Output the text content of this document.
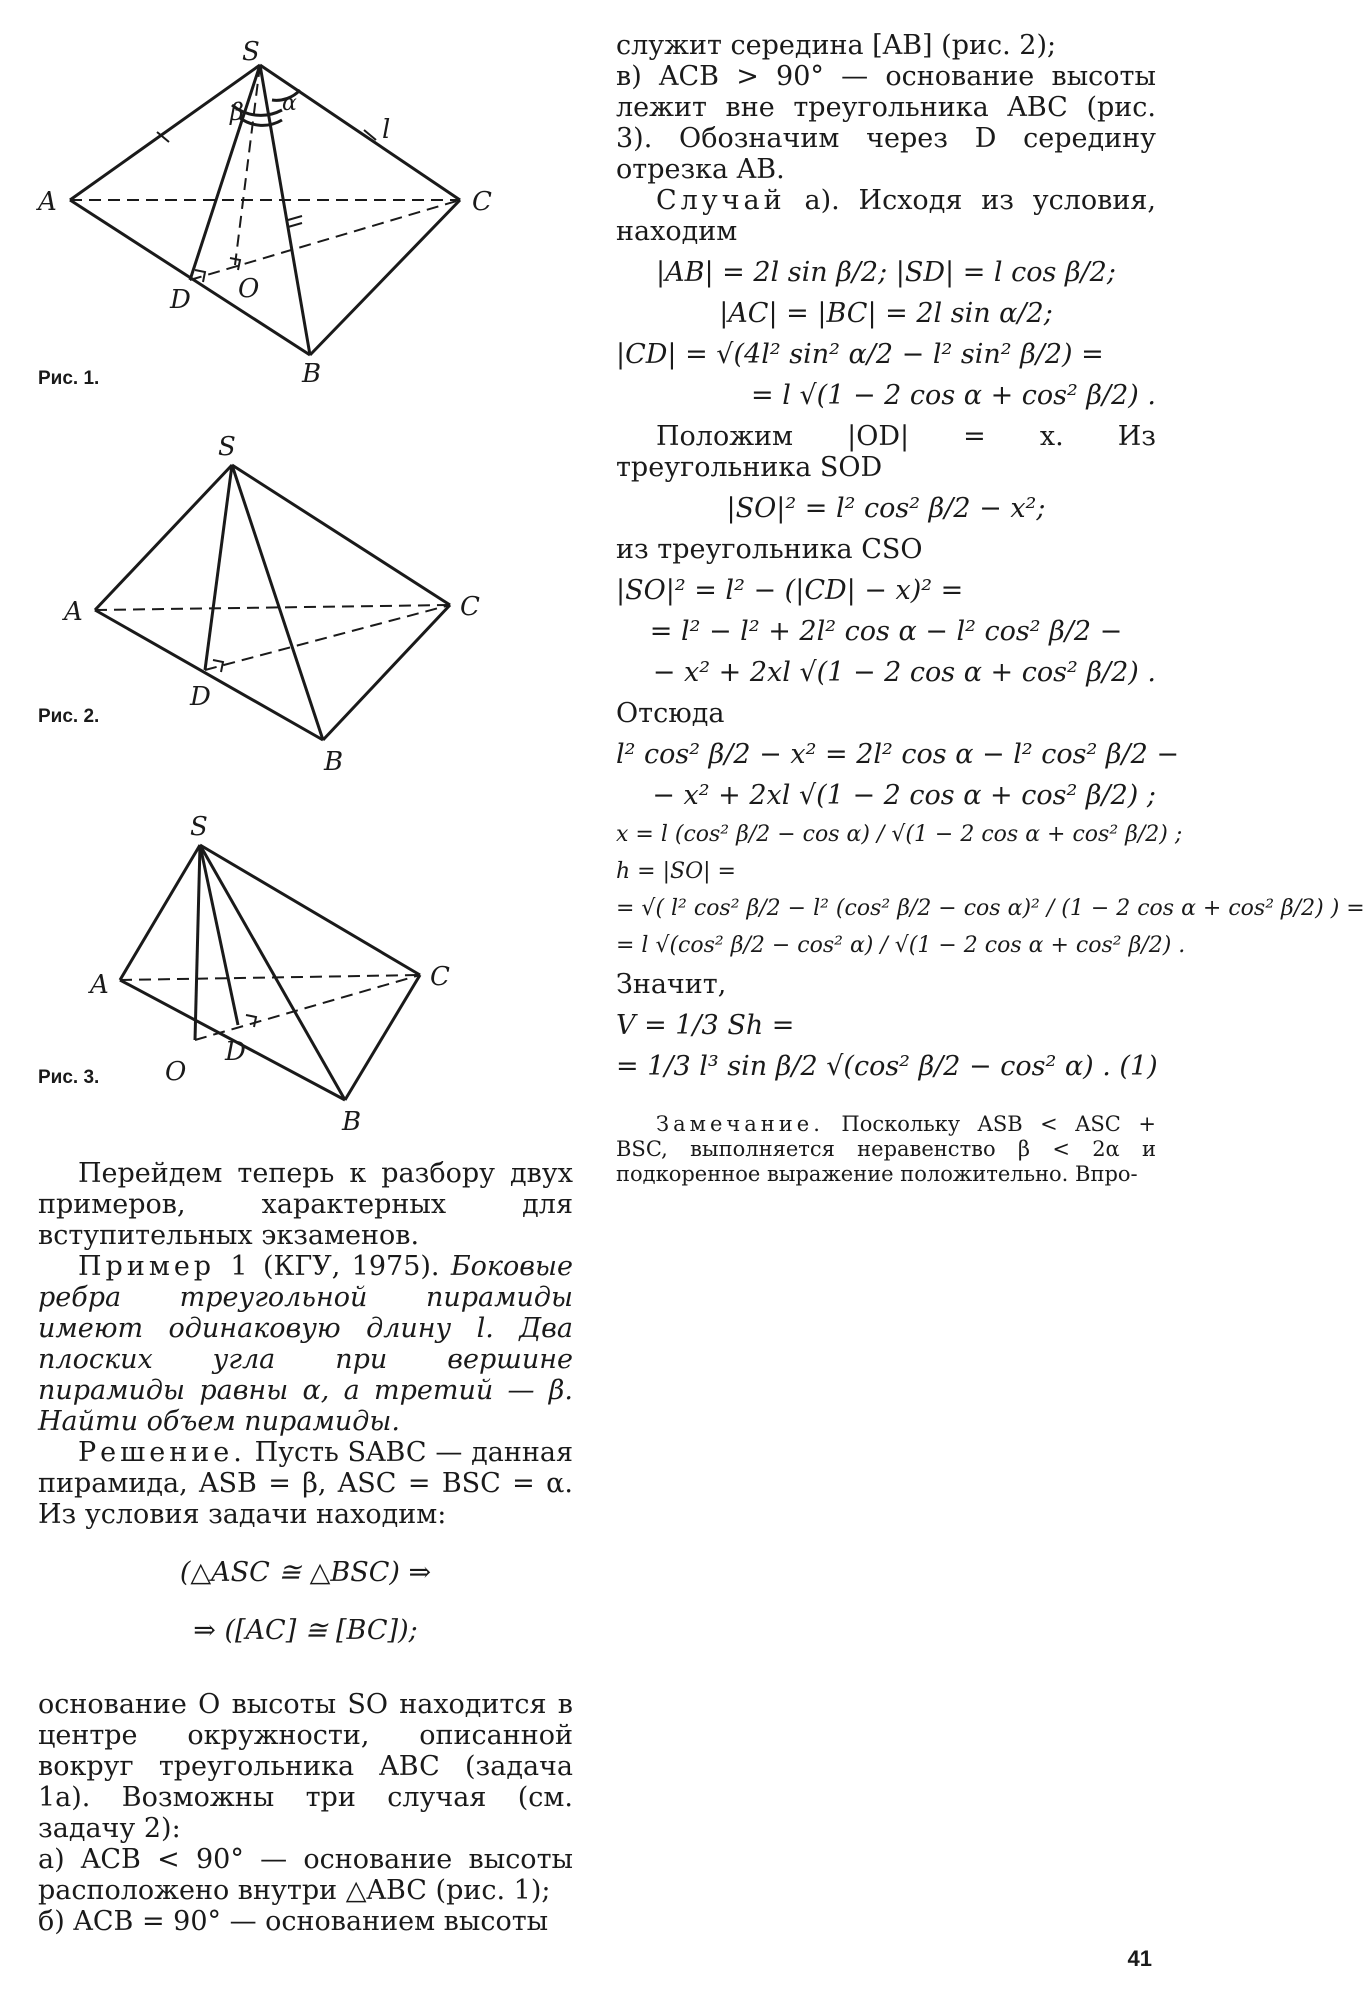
S
A	C
B
D O
β α
l
Рис. 1.
S
A	C
B
D
Рис. 2.
S
A	C
B
D
O
Рис. 3.

Перейдем теперь к разбору двух примеров, характерных для вступительных экзаменов.

Пример 1 (КГУ, 1975). Боковые ребра треугольной пирамиды имеют одинаковую длину l. Два плоских угла при вершине пирамиды равны α, а третий — β. Найти объем пирамиды.

Решение. Пусть SABC — данная пирамида, ASB = β, ASC = BSC = α. Из условия задачи находим:

(△ASC ≅ △BSC) ⇒

⇒ ([AC] ≅ [BC]);

основание O высоты SO находится в центре окружности, описанной вокруг треугольника ABC (задача 1а). Возможны три случая (см. задачу 2):

а) ACB < 90° — основание высоты расположено внутри △ABC (рис. 1);

б) ACB = 90° — основанием высоты

служит середина [AB] (рис. 2);

в) ACB > 90° — основание высоты лежит вне треугольника ABC (рис. 3). Обозначим через D середину отрезка AB.

Случай а). Исходя из условия, находим

|AB| = 2l sin β/2; |SD| = l cos β/2;

|AC| = |BC| = 2l sin α/2;

|CD| = √(4l² sin² α/2 − l² sin² β/2) =

= l √(1 − 2 cos α + cos² β/2) .

Положим |OD| = x. Из треугольника SOD

|SO|² = l² cos² β/2 − x²;

из треугольника CSO

|SO|² = l² − (|CD| − x)² =

= l² − l² + 2l² cos α − l² cos² β/2 −

− x² + 2xl √(1 − 2 cos α + cos² β/2) .

Отсюда

l² cos² β/2 − x² = 2l² cos α − l² cos² β/2 −

− x² + 2xl √(1 − 2 cos α + cos² β/2) ;

x = l (cos² β/2 − cos α) / √(1 − 2 cos α + cos² β/2) ;

h = |SO| =

= √( l² cos² β/2 − l² (cos² β/2 − cos α)² / (1 − 2 cos α + cos² β/2) ) =

= l √(cos² β/2 − cos² α) / √(1 − 2 cos α + cos² β/2) .

Значит,

V = 1/3 Sh =

= 1/3 l³ sin β/2 √(cos² β/2 − cos² α) . (1)

Замечание. Поскольку ASB < ASC + BSC, выполняется неравенство β < 2α и подкоренное выражение положительно. Впро-

41
